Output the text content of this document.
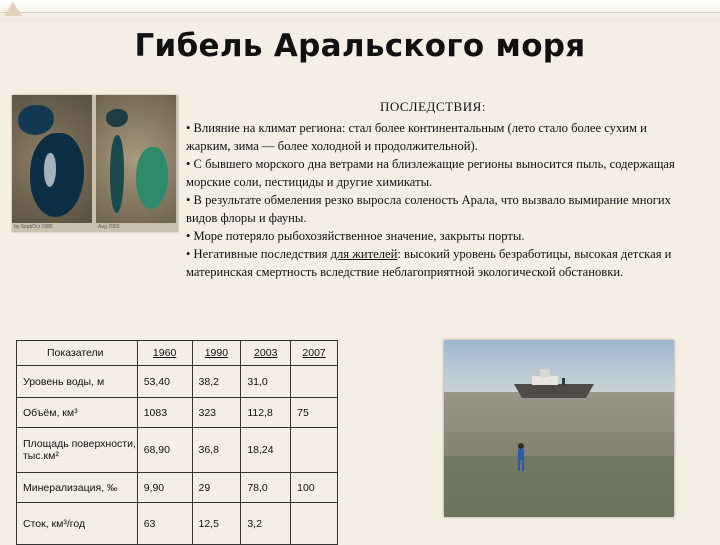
Гибель Аральского моря
by Sept/Oct 1985	Aug 2003
ПОСЛЕДСТВИЯ:

• Влияние на климат региона: стал более континентальным (лето стало более сухим и жарким, зима — более холодной и продолжительной).

• С бывшего морского дна ветрами на близлежащие регионы выносится пыль, содержащая морские соли, пестициды и другие химикаты.

• В результате обмеления резко выросла соленость Арала, что вызвало вымирание многих видов флоры и фауны.

• Море потеряло рыбохозяйственное значение, закрыты порты.

• Негативные последствия для жителей: высокий уровень безработицы, высокая детская и материнская смертность вследствие неблагоприятной экологической обстановки.

Показатели	1960	1990	2003	2007
Уровень воды, м	53,40	38,2	31,0	
Объём, км³	1083	323	112,8	75
Площадь поверхности, тыс.км²	68,90	36,8	18,24	
Минерализация, ‰	9,90	29	78,0	100
Сток, км³/год	63	12,5	3,2	
